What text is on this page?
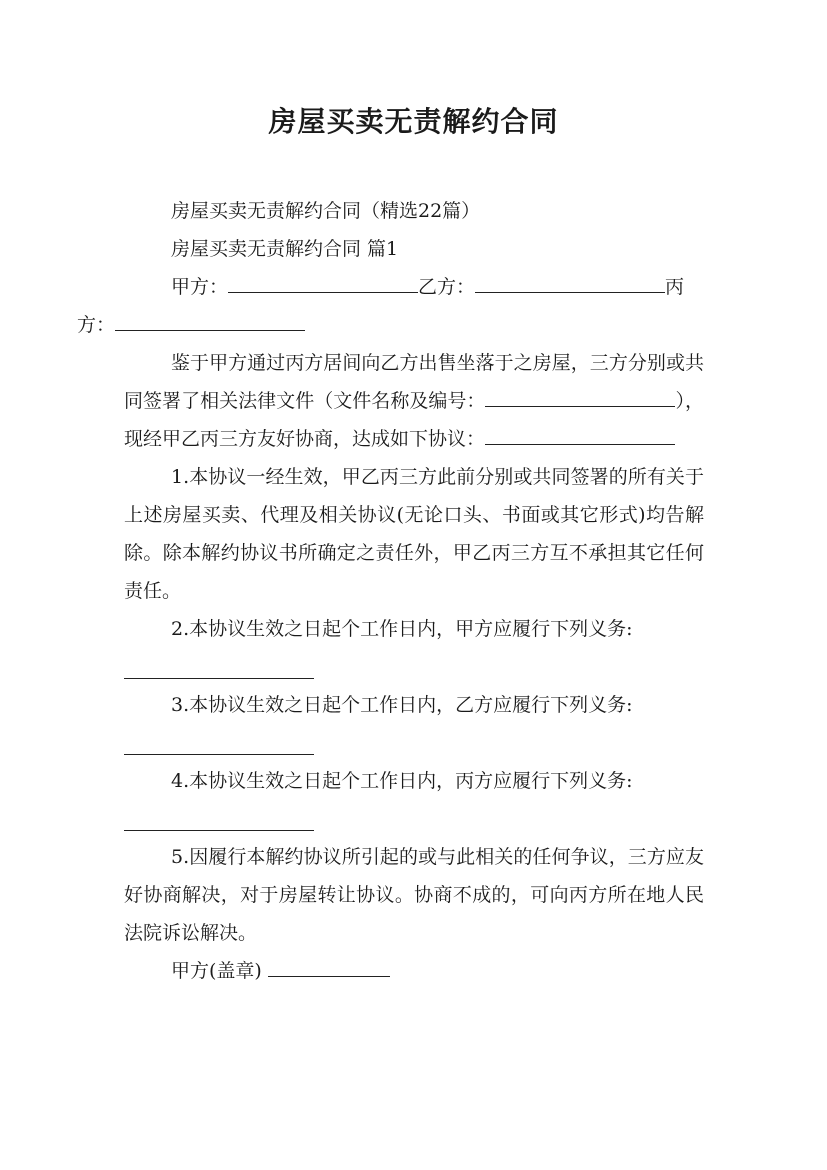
房屋买卖无责解约合同

房屋买卖无责解约合同（精选22篇）

房屋买卖无责解约合同 篇1

甲方：	乙方：	丙
方：

鉴于甲方通过丙方居间向乙方出售坐落于之房屋，三方分别或共同签署了相关法律文件（文件名称及编号：	），现经甲乙丙三方友好协商，达成如下协议：

1.本协议一经生效，甲乙丙三方此前分别或共同签署的所有关于上述房屋买卖、代理及相关协议(无论口头、书面或其它形式)均告解除。除本解约协议书所确定之责任外，甲乙丙三方互不承担其它任何责任。

2.本协议生效之日起个工作日内，甲方应履行下列义务:

3.本协议生效之日起个工作日内，乙方应履行下列义务:

4.本协议生效之日起个工作日内，丙方应履行下列义务:

5.因履行本解约协议所引起的或与此相关的任何争议，三方应友好协商解决，对于房屋转让协议。协商不成的，可向丙方所在地人民法院诉讼解决。

甲方(盖章)
